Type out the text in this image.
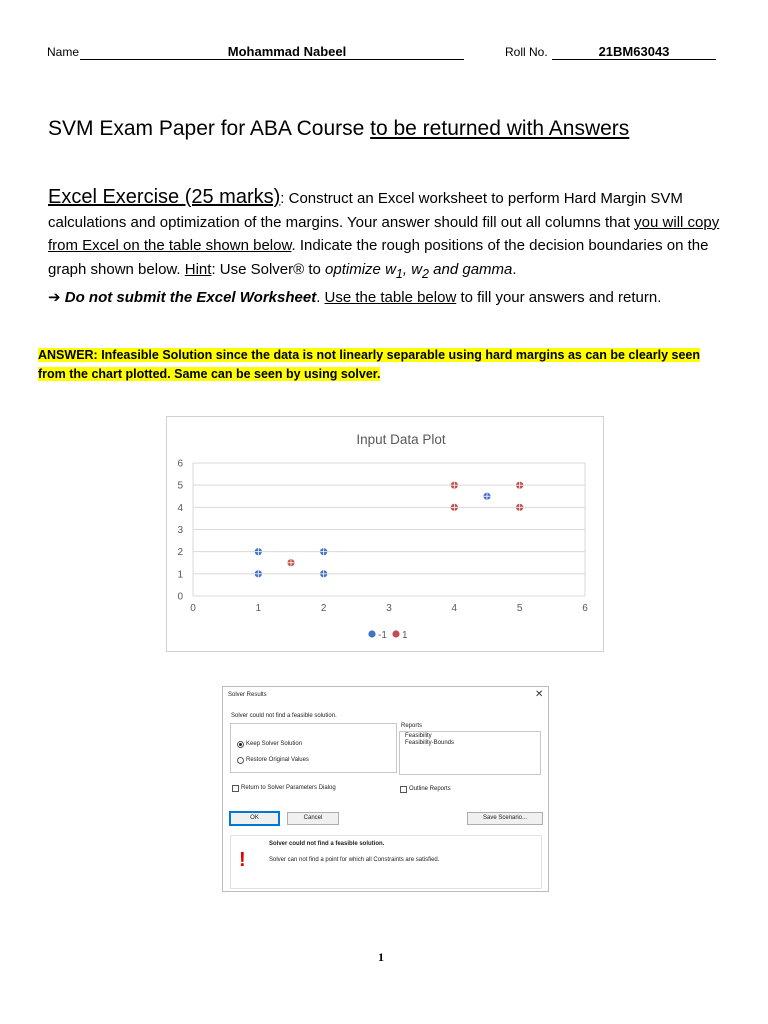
Name	Mohammad Nabeel	Roll No.	21BM63043
SVM Exam Paper for ABA Course to be returned with Answers
Excel Exercise (25 marks): Construct an Excel worksheet to perform Hard Margin SVM calculations and optimization of the margins. Your answer should fill out all columns that you will copy from Excel on the table shown below. Indicate the rough positions of the decision boundaries on the graph shown below. Hint: Use Solver® to optimize $w_1$, $w_2$ and gamma.
➔ Do not submit the Excel Worksheet. Use the table below to fill your answers and return.
ANSWER: Infeasible Solution since the data is not linearly separable using hard margins as can be clearly seen from the chart plotted. Same can be seen by using solver.
Input Data Plot
0
1
2
3
4
5
6
0	1	2	3	4	5	6
-1 1
Solver Results	✕
Solver could not find a feasible solution.
Keep Solver Solution
Restore Original Values
Reports
Feasibility
Feasibility-Bounds
Return to Solver Parameters Dialog	Outline Reports
OK	Cancel	Save Scenario...
!
Solver could not find a feasible solution.
Solver can not find a point for which all Constraints are satisfied.
1
